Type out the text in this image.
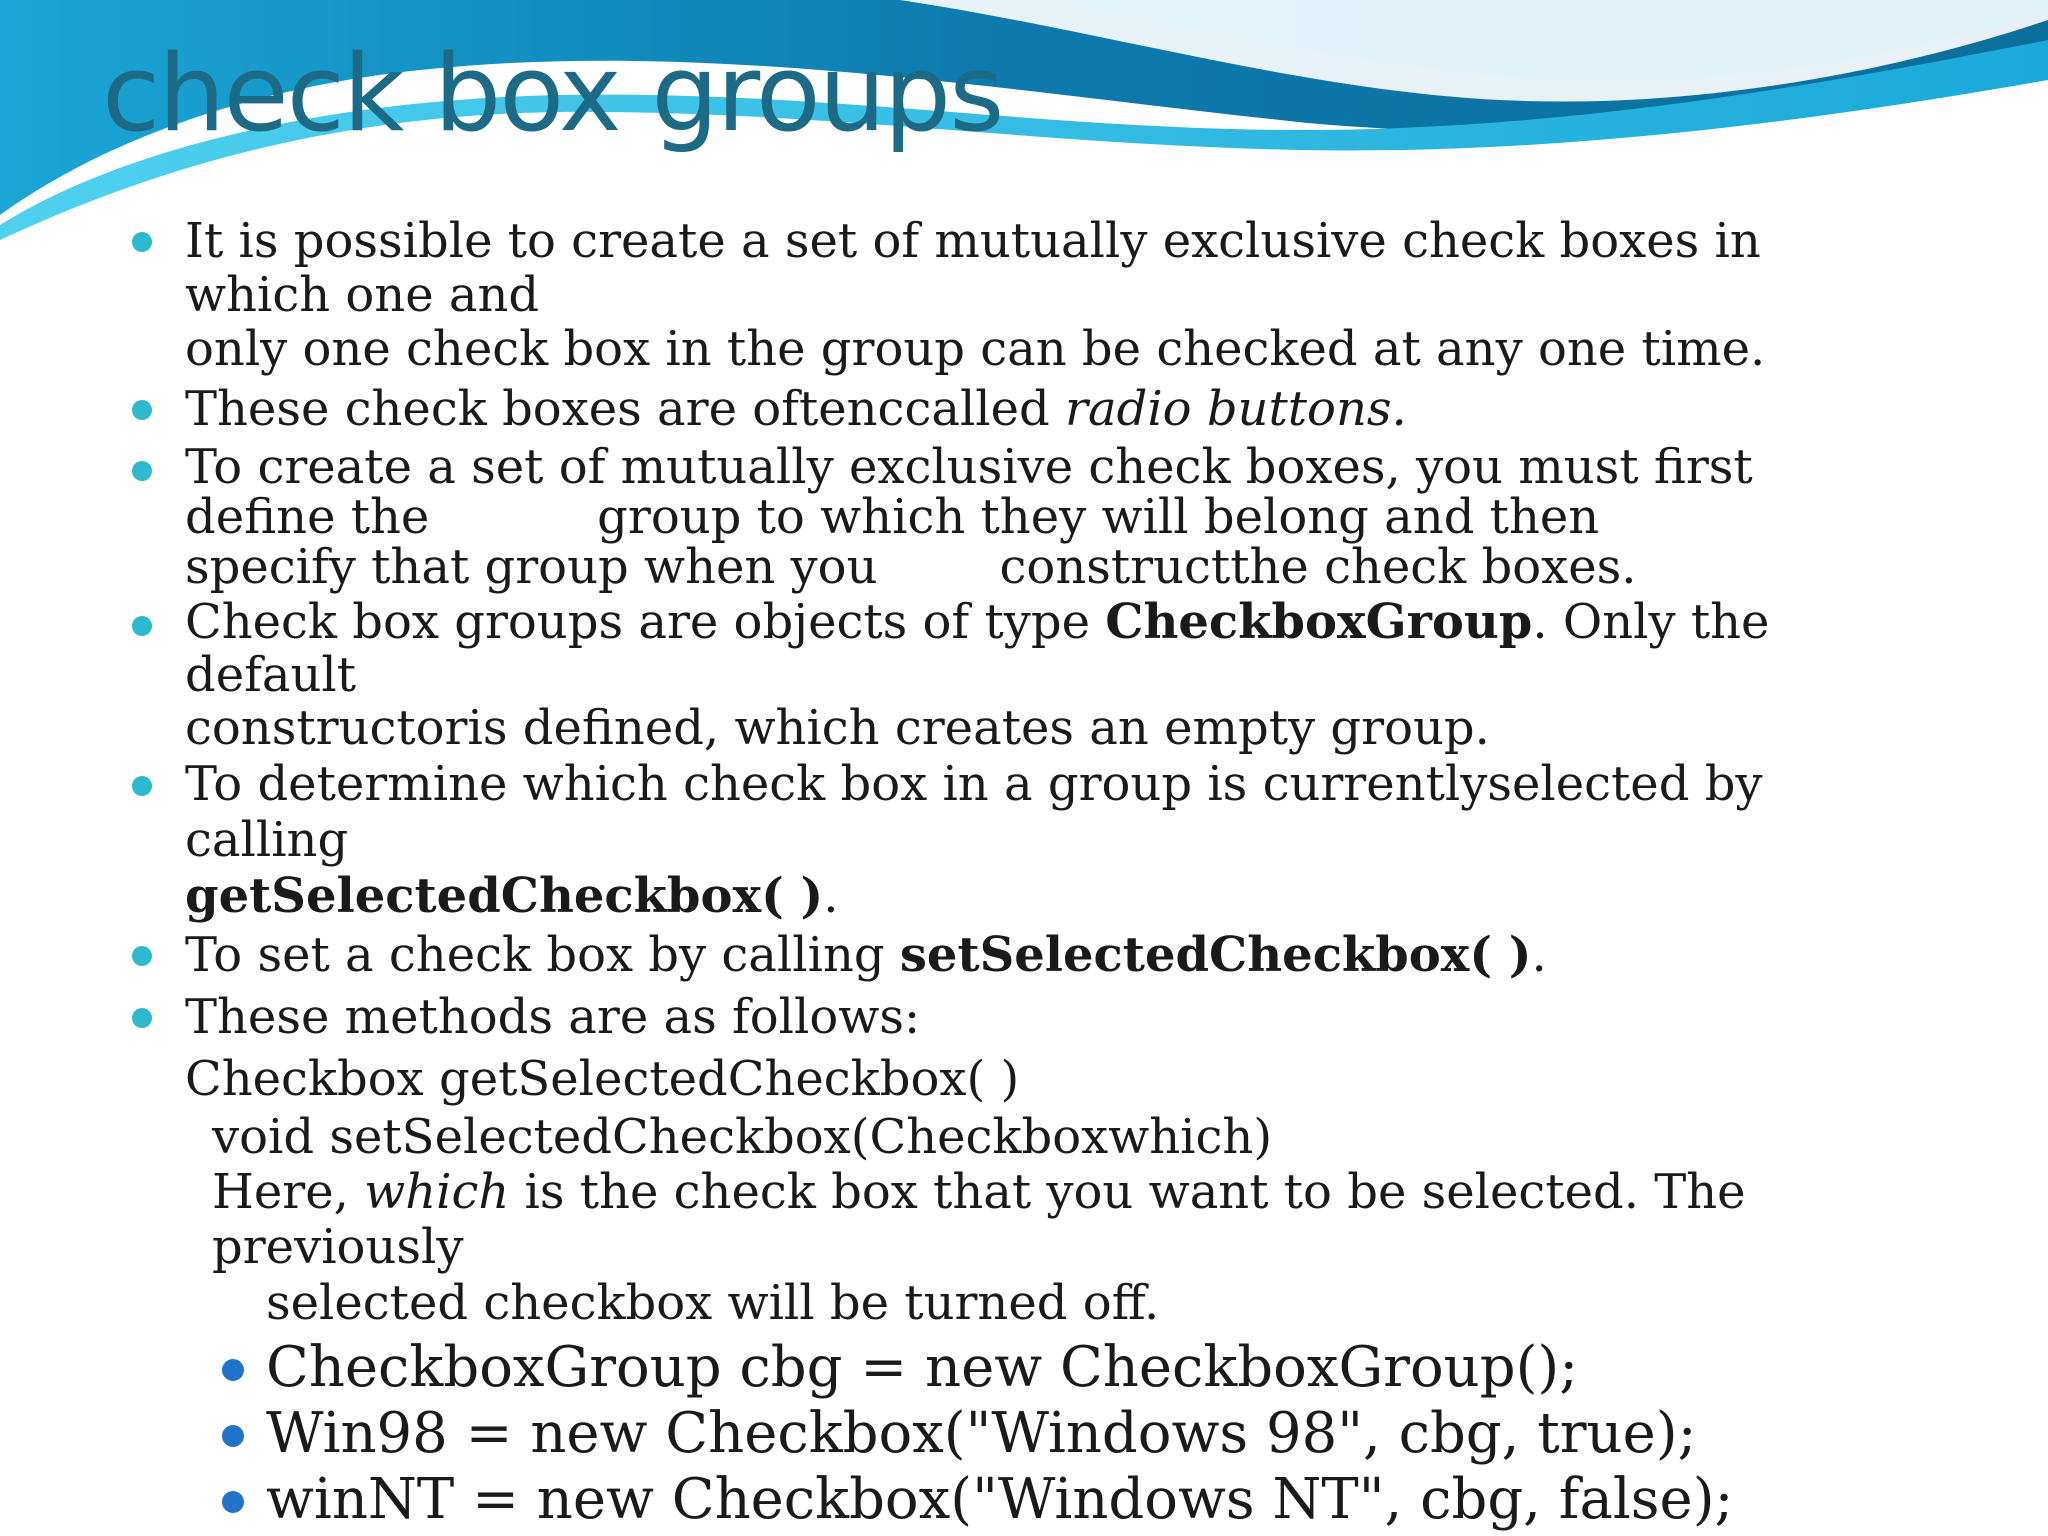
check box groups
It is possible to create a set of mutually exclusive check boxes in
which one and
only one check box in the group can be checked at any one time.
These check boxes are oftenccalled radio buttons.
To create a set of mutually exclusive check boxes, you must first
define the           group to which they will belong and then
specify that group when you        constructthe check boxes.
Check box groups are objects of type CheckboxGroup. Only the
default
constructoris defined, which creates an empty group.
To determine which check box in a group is currentlyselected by
calling
getSelectedCheckbox( ).
To set a check box by calling setSelectedCheckbox( ).
These methods are as follows:
Checkbox getSelectedCheckbox( )
void setSelectedCheckbox(Checkboxwhich)
Here, which is the check box that you want to be selected. The
previously
selected checkbox will be turned off.
CheckboxGroup cbg = new CheckboxGroup();
Win98 = new Checkbox("Windows 98", cbg, true);
winNT = new Checkbox("Windows NT", cbg, false);
